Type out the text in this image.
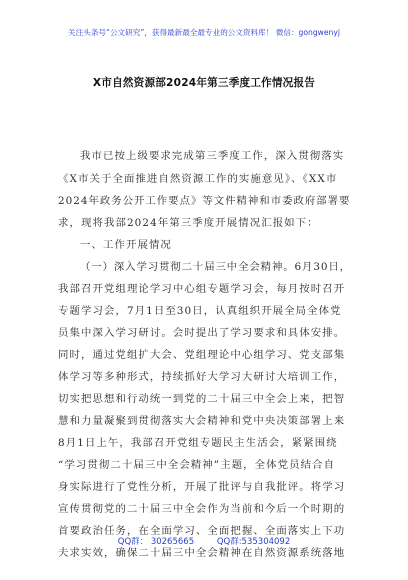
关注头条号“公文研究”，获得最新最全最专业的公文资料库！ 微信：gongwenyj
X市自然资源部2024年第三季度工作情况报告
我市已按上级要求完成第三季度工作，深入贯彻落实
《X市关于全面推进自然资源工作的实施意见》、《XX市
2024年政务公开工作要点》等文件精神和市委政府部署要
求，现将我部2024年第三季度开展情况汇报如下：
一、工作开展情况
（一）深入学习贯彻二十届三中全会精神。6月30日，
我部召开党组理论学习中心组专题学习会，每月按时召开
专题学习会，7月1日至30日，认真组织开展全局全体党
员集中深入学习研讨。会时提出了学习要求和具体安排。
同时，通过党组扩大会、党组理论中心组学习、党支部集
体学习等多种形式，持续抓好大学习大研讨大培训工作，
切实把思想和行动统一到党的二十届三中全会上来，把智
慧和力量凝聚到贯彻落实大会精神和党中央决策部署上来
8月1日上午，我部召开党组专题民主生活会，紧紧围绕
“学习贯彻二十届三中全会精神”主题，全体党员结合自
身实际进行了党性分析，开展了批评与自我批评。将学习
宣传贯彻党的二十届三中全会作为当前和今后一个时期的
首要政治任务，在全面学习、全面把握、全面落实上下功
夫求实效，确保二十届三中全会精神在自然资源系统落地
QQ群： 30265665	QQ群:535304092
